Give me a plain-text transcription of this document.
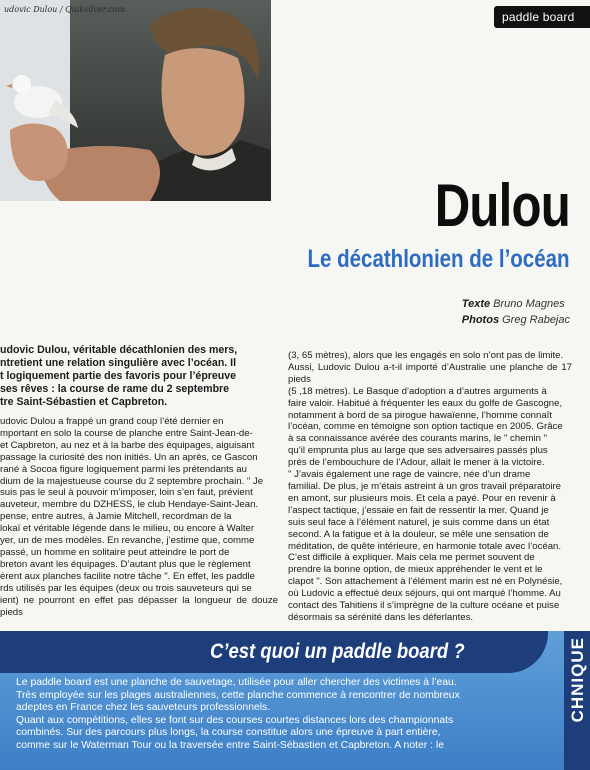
udovic Dulou / Quiksilver.com
paddle board
Dulou
Le décathlonien de l’océan
Texte Bruno Magnes
Photos Greg Rabejac
udovic Dulou, véritable décathlonien des mers,
ntretient une relation singulière avec l’océan. Il
t logiquement partie des favoris pour l’épreuve
ses rêves : la course de rame du 2 septembre
tre Saint-Sébastien et Capbreton.
udovic Dulou a frappé un grand coup l’été dernier en
mportant en solo la course de planche entre Saint-Jean-de-
et Capbreton, au nez et à la barbe des équipages, aiguisant
passage la curiosité des non initiés. Un an après, ce Gascon
rané à Socoa figure logiquement parmi les prétendants au
dium de la majestueuse course du 2 septembre prochain. " Je
suis pas le seul à pouvoir m’imposer, loin s’en faut, prévient
auveteur, membre du DZHESS, le club Hendaye-Saint-Jean.
pense, entre autres, à Jamie Mitchell, recordman de la
lokaï et véritable légende dans le milieu, ou encore à Walter
yer, un de mes modèles. En revanche, j’estime que, comme
passé, un homme en solitaire peut atteindre le port de
breton avant les équipages. D’autant plus que le règlement
èrent aux planches facilite notre tâche ". En effet, les paddle
rds utilisés par les équipes (deux ou trois sauveteurs qui se
ient) ne pourront en effet pas dépasser la longueur de douze pieds
(3, 65 mètres), alors que les engagés en solo n’ont pas de limite.
Aussi, Ludovic Dulou a-t-il importé d’Australie une planche de 17 pieds
(5 ,18 mètres). Le Basque d’adoption a d’autres arguments à
faire valoir. Habitué à fréquenter les eaux du golfe de Gascogne,
notamment à bord de sa pirogue hawaïenne, l’homme connaît
l’océan, comme en témoigne son option tactique en 2005. Grâce
à sa connaissance avérée des courants marins, le " chemin "
qu’il emprunta plus au large que ses adversaires passés plus
près de l’embouchure de l’Adour, allait le mener à la victoire.
" J’avais également une rage de vaincre, née d’un drame
familial. De plus, je m’étais astreint à un gros travail préparatoire
en amont, sur plusieurs mois. Et cela a payé. Pour en revenir à
l’aspect tactique, j’essaie en fait de ressentir la mer. Quand je
suis seul face à l’élément naturel, je suis comme dans un état
second. A la fatigue et à la douleur, se mêle une sensation de
méditation, de quête intérieure, en harmonie totale avec l’océan.
C’est difficile à expliquer. Mais cela me permet souvent de
prendre la bonne option, de mieux appréhender le vent et le
clapot ". Son attachement à l’élément marin est né en Polynésie,
où Ludovic a effectué deux séjours, qui ont marqué l’homme. Au
contact des Tahitiens il s’imprègne de la culture océane et puise
désormais sa sérénité dans les déferlantes.
C’est quoi un paddle board ?	CHNIQUE
Le paddle board est une planche de sauvetage, utilisée pour aller chercher des victimes à l’eau.
Très employée sur les plages australiennes, cette planche commence à rencontrer de nombreux
adeptes en France chez les sauveteurs professionnels.
Quant aux compétitions, elles se font sur des courses courtes distances lors des championnats
combinés. Sur des parcours plus longs, la course constitue alors une épreuve à part entière,
comme sur le Waterman Tour ou la traversée entre Saint-Sébastien et Capbreton. A noter : le
